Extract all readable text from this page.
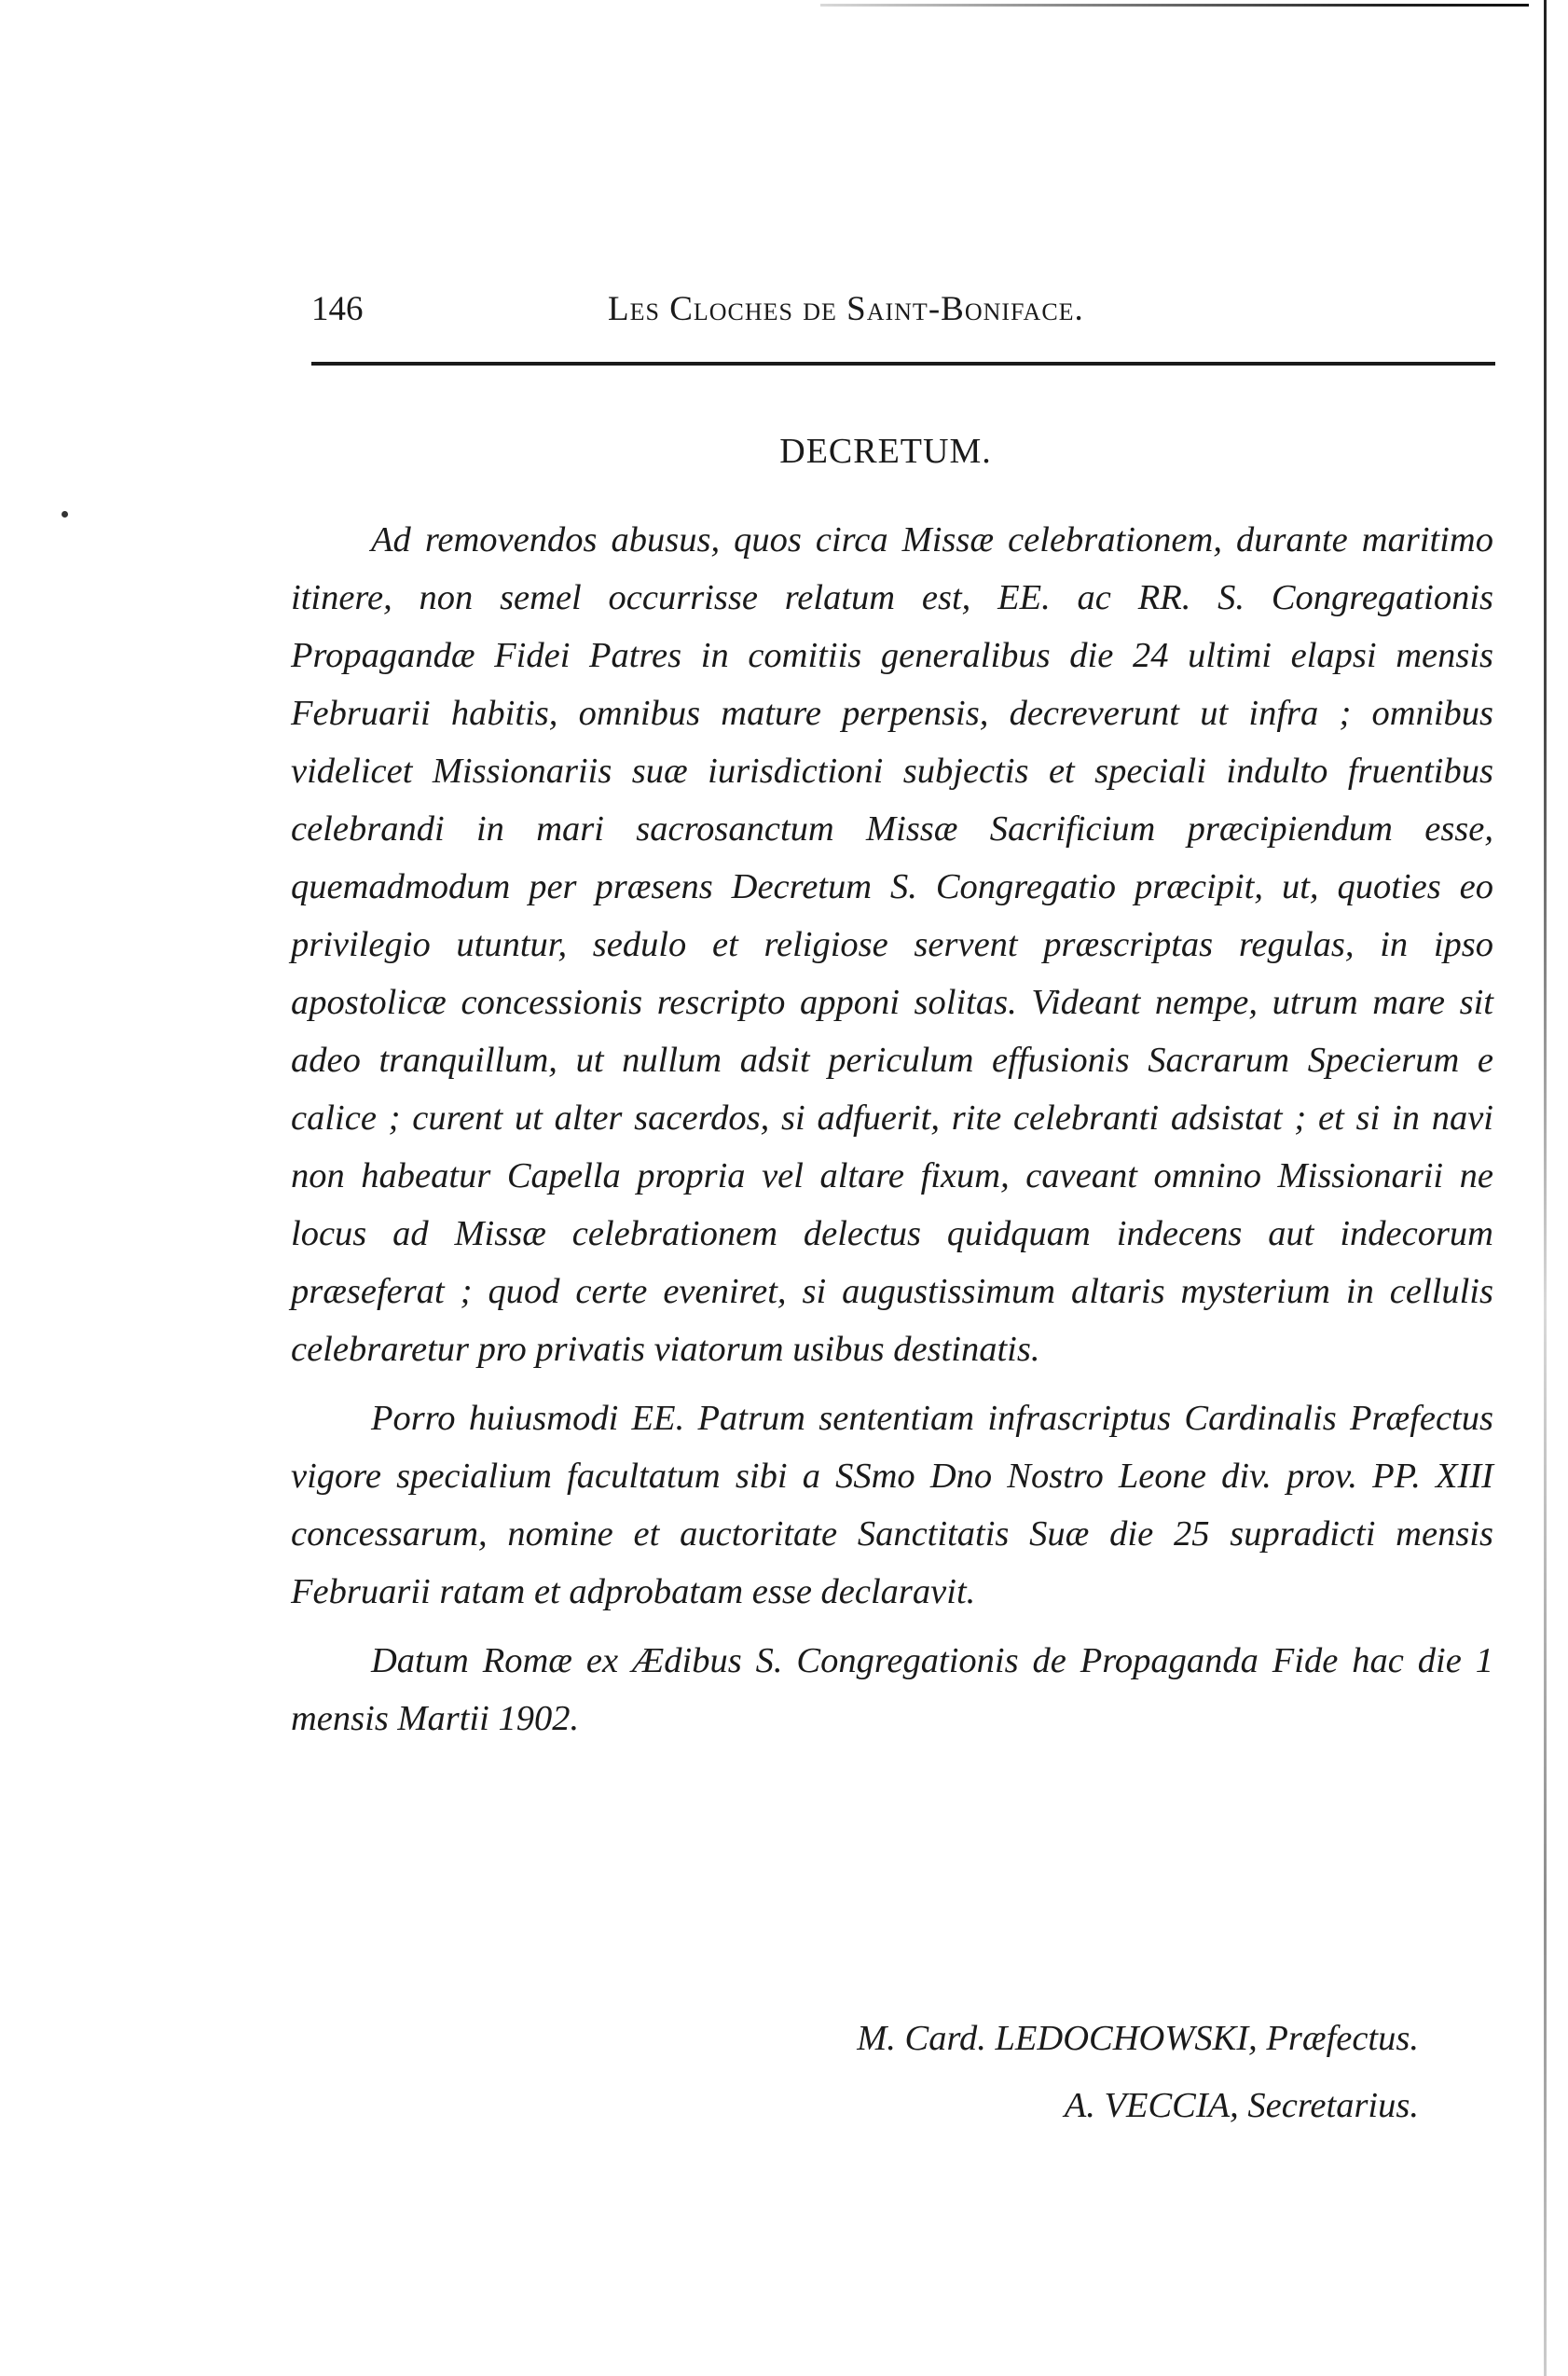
146	Les Cloches de Saint-Boniface.
DECRETUM.

Ad removendos abusus, quos circa Missæ celebrationem, durante maritimo itinere, non semel occurrisse relatum est, EE. ac RR. S. Congregationis Propagandæ Fidei Patres in comitiis generalibus die 24 ultimi elapsi mensis Februarii habitis, omnibus mature perpensis, decreverunt ut infra ; omnibus videlicet Missionariis suæ iurisdictioni subjectis et speciali indulto fruentibus celebrandi in mari sacrosanctum Missæ Sacrificium præcipiendum esse, quemadmodum per præsens Decretum S. Congregatio præcipit, ut, quoties eo privilegio utuntur, sedulo et religiose servent præscriptas regulas, in ipso apostolicæ concessionis rescripto apponi solitas. Videant nempe, utrum mare sit adeo tranquillum, ut nullum adsit periculum effusionis Sacrarum Specierum e calice ; curent ut alter sacerdos, si adfuerit, rite celebranti adsistat ; et si in navi non habeatur Capella propria vel altare fixum, caveant omnino Missionarii ne locus ad Missæ celebrationem delectus quidquam indecens aut indecorum præseferat ; quod certe eveniret, si augustissimum altaris mysterium in cellulis celebraretur pro privatis viatorum usibus destinatis.

Porro huiusmodi EE. Patrum sententiam infrascriptus Cardinalis Præfectus vigore specialium facultatum sibi a SSmo Dno Nostro Leone div. prov. PP. XIII concessarum, nomine et auctoritate Sanctitatis Suæ die 25 supradicti mensis Februarii ratam et adprobatam esse declaravit.

Datum Romæ ex Ædibus S. Congregationis de Propaganda Fide hac die 1 mensis Martii 1902.

M. Card. LEDOCHOWSKI, Præfectus.
A. VECCIA, Secretarius.
